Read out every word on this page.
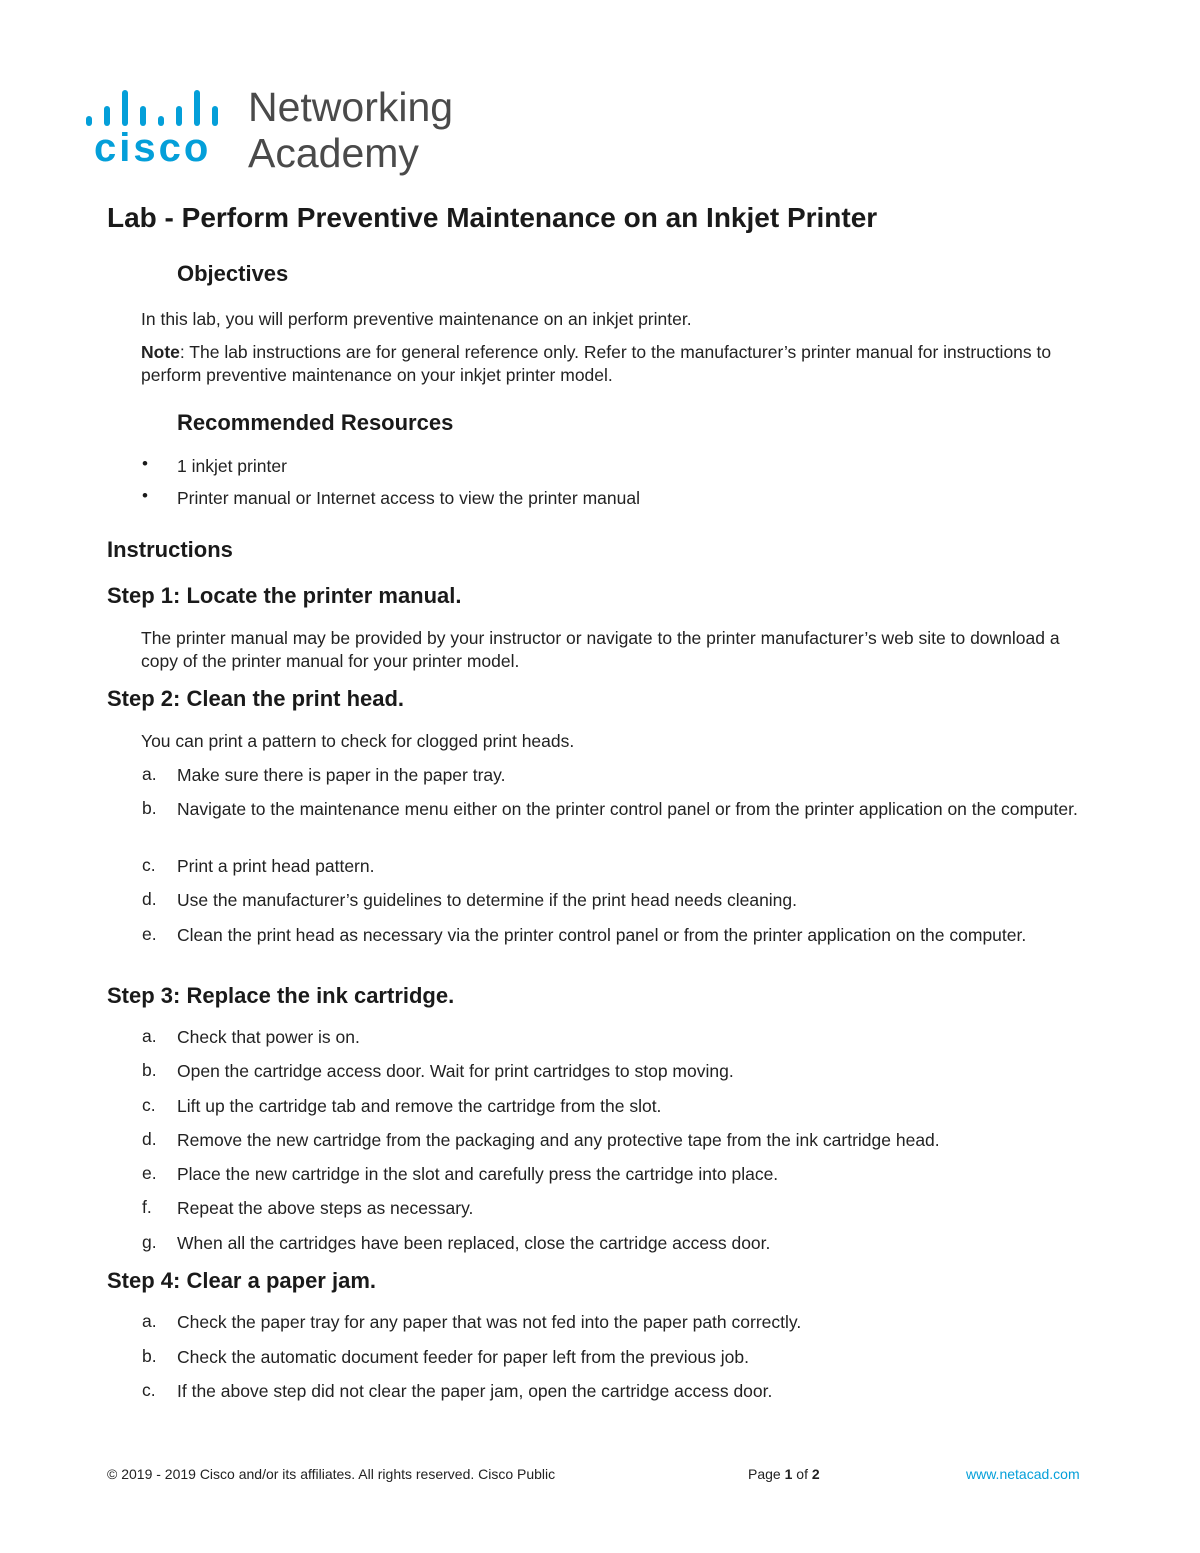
cisco
Networking
Academy
Lab - Perform Preventive Maintenance on an Inkjet Printer
Objectives

In this lab, you will perform preventive maintenance on an inkjet printer.

Note: The lab instructions are for general reference only. Refer to the manufacturer’s printer manual for instructions to perform preventive maintenance on your inkjet printer model.

Recommended Resources
• 1 inkjet printer

• Printer manual or Internet access to view the printer manual

Instructions
Step 1: Locate the printer manual.

The printer manual may be provided by your instructor or navigate to the printer manufacturer’s web site to download a copy of the printer manual for your printer model.

Step 2: Clean the print head.

You can print a pattern to check for clogged print heads.

a. Make sure there is paper in the paper tray.

b. Navigate to the maintenance menu either on the printer control panel or from the printer application on the computer.

c. Print a print head pattern.

d. Use the manufacturer’s guidelines to determine if the print head needs cleaning.

e. Clean the print head as necessary via the printer control panel or from the printer application on the computer.

Step 3: Replace the ink cartridge.
a. Check that power is on.

b. Open the cartridge access door. Wait for print cartridges to stop moving.

c. Lift up the cartridge tab and remove the cartridge from the slot.

d. Remove the new cartridge from the packaging and any protective tape from the ink cartridge head.

e. Place the new cartridge in the slot and carefully press the cartridge into place.

f. Repeat the above steps as necessary.

g. When all the cartridges have been replaced, close the cartridge access door.

Step 4: Clear a paper jam.
a. Check the paper tray for any paper that was not fed into the paper path correctly.

b. Check the automatic document feeder for paper left from the previous job.

c. If the above step did not clear the paper jam, open the cartridge access door.

© 2019 - 2019 Cisco and/or its affiliates. All rights reserved. Cisco Public	Page 1 of 2	www.netacad.com
